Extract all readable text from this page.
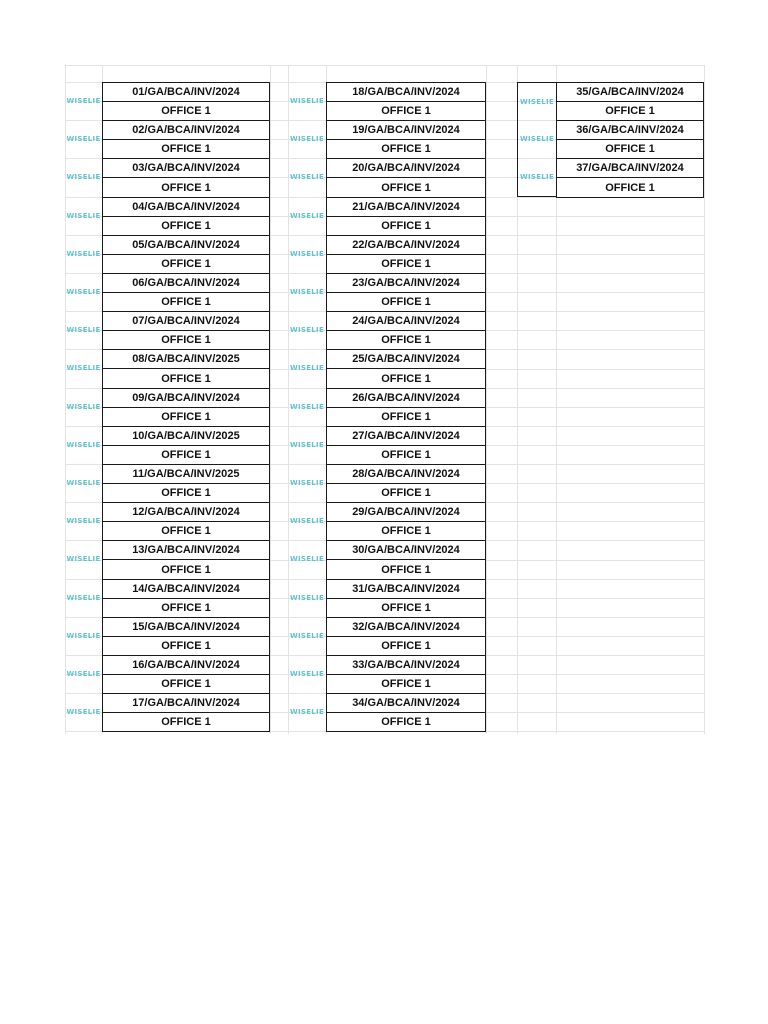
WISELIE
01/GA/BCA/INV/2024
OFFICE 1
WISELIE
02/GA/BCA/INV/2024
OFFICE 1
WISELIE
03/GA/BCA/INV/2024
OFFICE 1
WISELIE
04/GA/BCA/INV/2024
OFFICE 1
WISELIE
05/GA/BCA/INV/2024
OFFICE 1
WISELIE
06/GA/BCA/INV/2024
OFFICE 1
WISELIE
07/GA/BCA/INV/2024
OFFICE 1
WISELIE
08/GA/BCA/INV/2025
OFFICE 1
WISELIE
09/GA/BCA/INV/2024
OFFICE 1
WISELIE
10/GA/BCA/INV/2025
OFFICE 1
WISELIE
11/GA/BCA/INV/2025
OFFICE 1
WISELIE
12/GA/BCA/INV/2024
OFFICE 1
WISELIE
13/GA/BCA/INV/2024
OFFICE 1
WISELIE
14/GA/BCA/INV/2024
OFFICE 1
WISELIE
15/GA/BCA/INV/2024
OFFICE 1
WISELIE
16/GA/BCA/INV/2024
OFFICE 1
WISELIE
17/GA/BCA/INV/2024
OFFICE 1
WISELIE
18/GA/BCA/INV/2024
OFFICE 1
WISELIE
19/GA/BCA/INV/2024
OFFICE 1
WISELIE
20/GA/BCA/INV/2024
OFFICE 1
WISELIE
21/GA/BCA/INV/2024
OFFICE 1
WISELIE
22/GA/BCA/INV/2024
OFFICE 1
WISELIE
23/GA/BCA/INV/2024
OFFICE 1
WISELIE
24/GA/BCA/INV/2024
OFFICE 1
WISELIE
25/GA/BCA/INV/2024
OFFICE 1
WISELIE
26/GA/BCA/INV/2024
OFFICE 1
WISELIE
27/GA/BCA/INV/2024
OFFICE 1
WISELIE
28/GA/BCA/INV/2024
OFFICE 1
WISELIE
29/GA/BCA/INV/2024
OFFICE 1
WISELIE
30/GA/BCA/INV/2024
OFFICE 1
WISELIE
31/GA/BCA/INV/2024
OFFICE 1
WISELIE
32/GA/BCA/INV/2024
OFFICE 1
WISELIE
33/GA/BCA/INV/2024
OFFICE 1
WISELIE
34/GA/BCA/INV/2024
OFFICE 1
WISELIE
35/GA/BCA/INV/2024
OFFICE 1
WISELIE
36/GA/BCA/INV/2024
OFFICE 1
WISELIE
37/GA/BCA/INV/2024
OFFICE 1
